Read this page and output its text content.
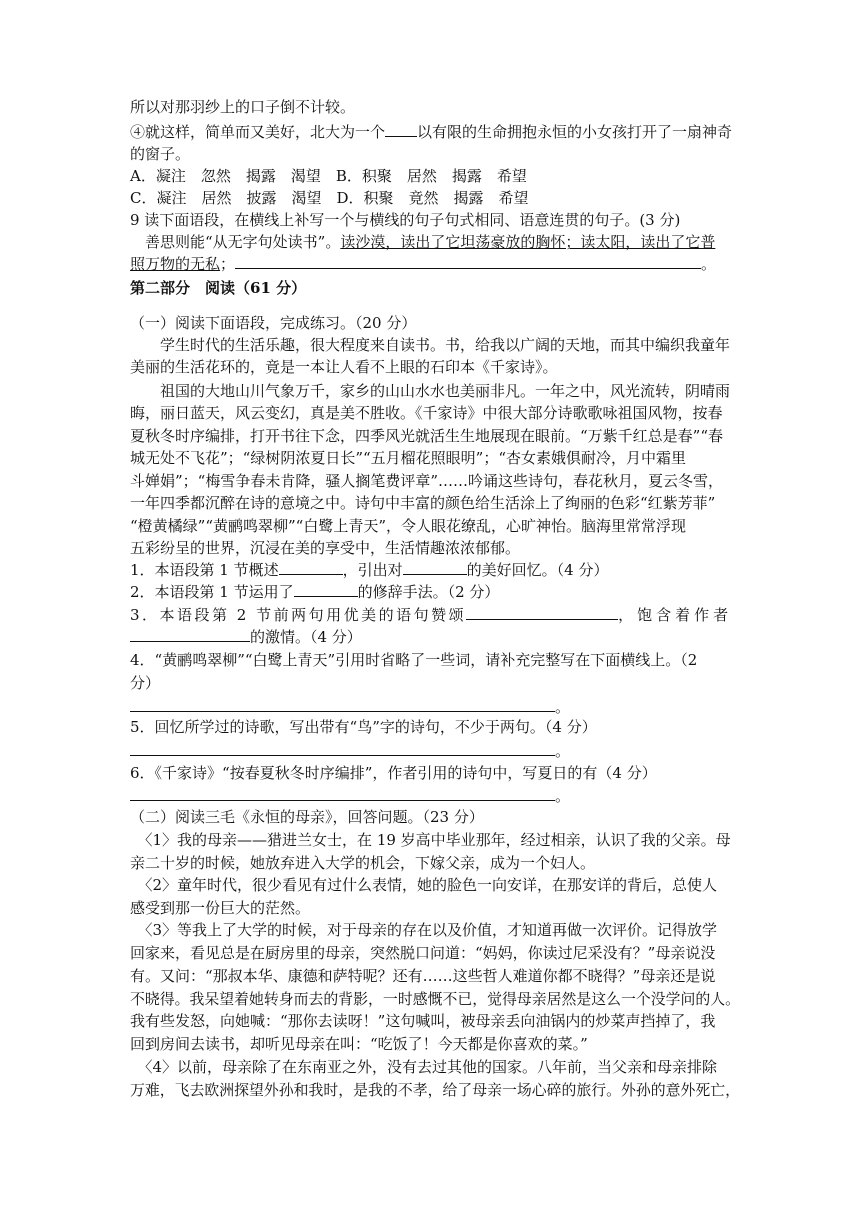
所以对那羽纱上的口子倒不计较。
④就这样，简单而又美好，北大为一个 以有限的生命拥抱永恒的小女孩打开了一扇神奇
的窗子。
A．凝注　忽然　揭露　渴望　B．积聚　居然　揭露　希望
C．凝注　居然　披露　渴望　D．积聚　竟然　揭露　希望
9 读下面语段，在横线上补写一个与横线的句子句式相同、语意连贯的句子。(3 分)
　善思则能“从无字句处读书”。读沙漠，读出了它坦荡豪放的胸怀；读太阳，读出了它普
照万物的无私；	。
第二部分　阅读（61 分）
（一）阅读下面语段，完成练习。（20 分）
　　学生时代的生活乐趣，很大程度来自读书。书，给我以广阔的天地，而其中编织我童年
美丽的生活花环的，竟是一本让人看不上眼的石印本《千家诗》。
　　祖国的大地山川气象万千，家乡的山山水水也美丽非凡。一年之中，风光流转，阴晴雨
晦，丽日蓝天，风云变幻，真是美不胜收。《千家诗》中很大部分诗歌歌咏祖国风物，按春
夏秋冬时序编排，打开书往下念，四季风光就活生生地展现在眼前。“万紫千红总是春”“春
城无处不飞花”；“绿树阴浓夏日长”“五月榴花照眼明”；“杏女素娥俱耐冷，月中霜里
斗婵娟”；“梅雪争春未肯降，骚人搁笔费评章”……吟诵这些诗句，春花秋月，夏云冬雪，
一年四季都沉醉在诗的意境之中。诗句中丰富的颜色给生活涂上了绚丽的色彩“红紫芳菲”
“橙黄橘绿”“黄鹂鸣翠柳”“白鹭上青天”，令人眼花缭乱，心旷神怡。脑海里常常浮现
五彩纷呈的世界，沉浸在美的享受中，生活情趣浓浓郁郁。
1．本语段第 1 节概述	，引出对	的美好回忆。（4 分）
2．本语段第 1 节运用了	的修辞手法。（2 分）
3．本语段第 2 节前两句用优美的语句赞颂	，饱含着作者
的激情。（4 分）
4．“黄鹂鸣翠柳”“白鹭上青天”引用时省略了一些词，请补充完整写在下面横线上。（2
分）
。
5．回忆所学过的诗歌，写出带有“鸟”字的诗句，不少于两句。（4 分）
。
6．《千家诗》“按春夏秋冬时序编排”，作者引用的诗句中，写夏日的有（4 分）
。
（二）阅读三毛《永恒的母亲》，回答问题。（23 分）
　〈1〉我的母亲——猎进兰女士，在 19 岁高中毕业那年，经过相亲，认识了我的父亲。母
亲二十岁的时候，她放弃进入大学的机会，下嫁父亲，成为一个妇人。
　〈2〉童年时代，很少看见有过什么表情，她的脸色一向安详，在那安详的背后，总使人
感受到那一份巨大的茫然。
　〈3〉等我上了大学的时候，对于母亲的存在以及价值，才知道再做一次评价。记得放学
回家来，看见总是在厨房里的母亲，突然脱口问道：“妈妈，你读过尼采没有？”母亲说没
有。又问：“那叔本华、康德和萨特呢？还有……这些哲人难道你都不晓得？”母亲还是说
不晓得。我呆望着她转身而去的背影，一时感慨不已，觉得母亲居然是这么一个没学问的人。
我有些发怒，向她喊：“那你去读呀！”这句喊叫，被母亲丢向油锅内的炒菜声挡掉了，我
回到房间去读书，却听见母亲在叫：“吃饭了！今天都是你喜欢的菜。”
　〈4〉以前，母亲除了在东南亚之外，没有去过其他的国家。八年前，当父亲和母亲排除
万难，飞去欧洲探望外孙和我时，是我的不孝，给了母亲一场心碎的旅行。外孙的意外死亡，
